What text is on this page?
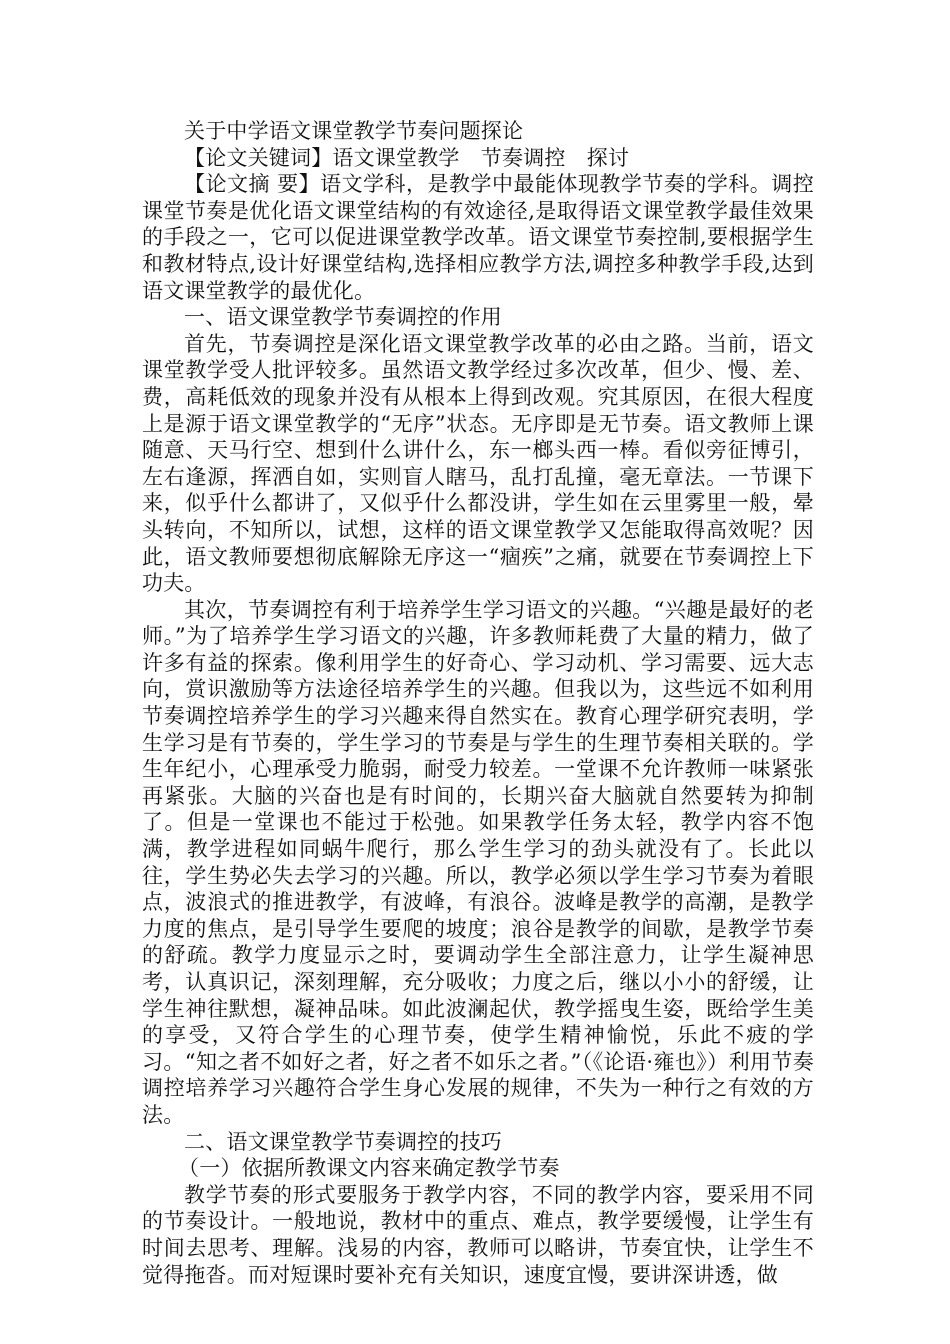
关于中学语文课堂教学节奏问题探论

【论文关键词】语文课堂教学　节奏调控　探讨

【论文摘 要】语文学科，是教学中最能体现教学节奏的学科。调控课堂节奏是优化语文课堂结构的有效途径,是取得语文课堂教学最佳效果的手段之一，它可以促进课堂教学改革。语文课堂节奏控制,要根据学生和教材特点,设计好课堂结构,选择相应教学方法,调控多种教学手段,达到语文课堂教学的最优化。

一、语文课堂教学节奏调控的作用

首先，节奏调控是深化语文课堂教学改革的必由之路。当前，语文课堂教学受人批评较多。虽然语文教学经过多次改革，但少、慢、差、费，高耗低效的现象并没有从根本上得到改观。究其原因，在很大程度上是源于语文课堂教学的“无序”状态。无序即是无节奏。语文教师上课随意、天马行空、想到什么讲什么，东一榔头西一棒。看似旁征博引，左右逢源，挥洒自如，实则盲人瞎马，乱打乱撞，毫无章法。一节课下来，似乎什么都讲了，又似乎什么都没讲，学生如在云里雾里一般，晕头转向，不知所以，试想，这样的语文课堂教学又怎能取得高效呢？因此，语文教师要想彻底解除无序这一“痼疾”之痛，就要在节奏调控上下功夫。

其次，节奏调控有利于培养学生学习语文的兴趣。“兴趣是最好的老师。”为了培养学生学习语文的兴趣，许多教师耗费了大量的精力，做了许多有益的探索。像利用学生的好奇心、学习动机、学习需要、远大志向，赏识激励等方法途径培养学生的兴趣。但我以为，这些远不如利用节奏调控培养学生的学习兴趣来得自然实在。教育心理学研究表明，学生学习是有节奏的，学生学习的节奏是与学生的生理节奏相关联的。学生年纪小，心理承受力脆弱，耐受力较差。一堂课不允许教师一味紧张再紧张。大脑的兴奋也是有时间的，长期兴奋大脑就自然要转为抑制了。但是一堂课也不能过于松弛。如果教学任务太轻，教学内容不饱满，教学进程如同蜗牛爬行，那么学生学习的劲头就没有了。长此以往，学生势必失去学习的兴趣。所以，教学必须以学生学习节奏为着眼点，波浪式的推进教学，有波峰，有浪谷。波峰是教学的高潮，是教学力度的焦点，是引导学生要爬的坡度；浪谷是教学的间歇，是教学节奏的舒疏。教学力度显示之时，要调动学生全部注意力，让学生凝神思考，认真识记，深刻理解，充分吸收；力度之后，继以小小的舒缓，让学生神往默想，凝神品味。如此波澜起伏，教学摇曳生姿，既给学生美的享受，又符合学生的心理节奏，使学生精神愉悦，乐此不疲的学习。“知之者不如好之者，好之者不如乐之者。”（《论语·雍也》）利用节奏调控培养学习兴趣符合学生身心发展的规律，不失为一种行之有效的方法。

二、语文课堂教学节奏调控的技巧

（一）依据所教课文内容来确定教学节奏

教学节奏的形式要服务于教学内容，不同的教学内容，要采用不同的节奏设计。一般地说，教材中的重点、难点，教学要缓慢，让学生有时间去思考、理解。浅易的内容，教师可以略讲，节奏宜快，让学生不觉得拖沓。而对短课时要补充有关知识，速度宜慢，要讲深讲透，做
